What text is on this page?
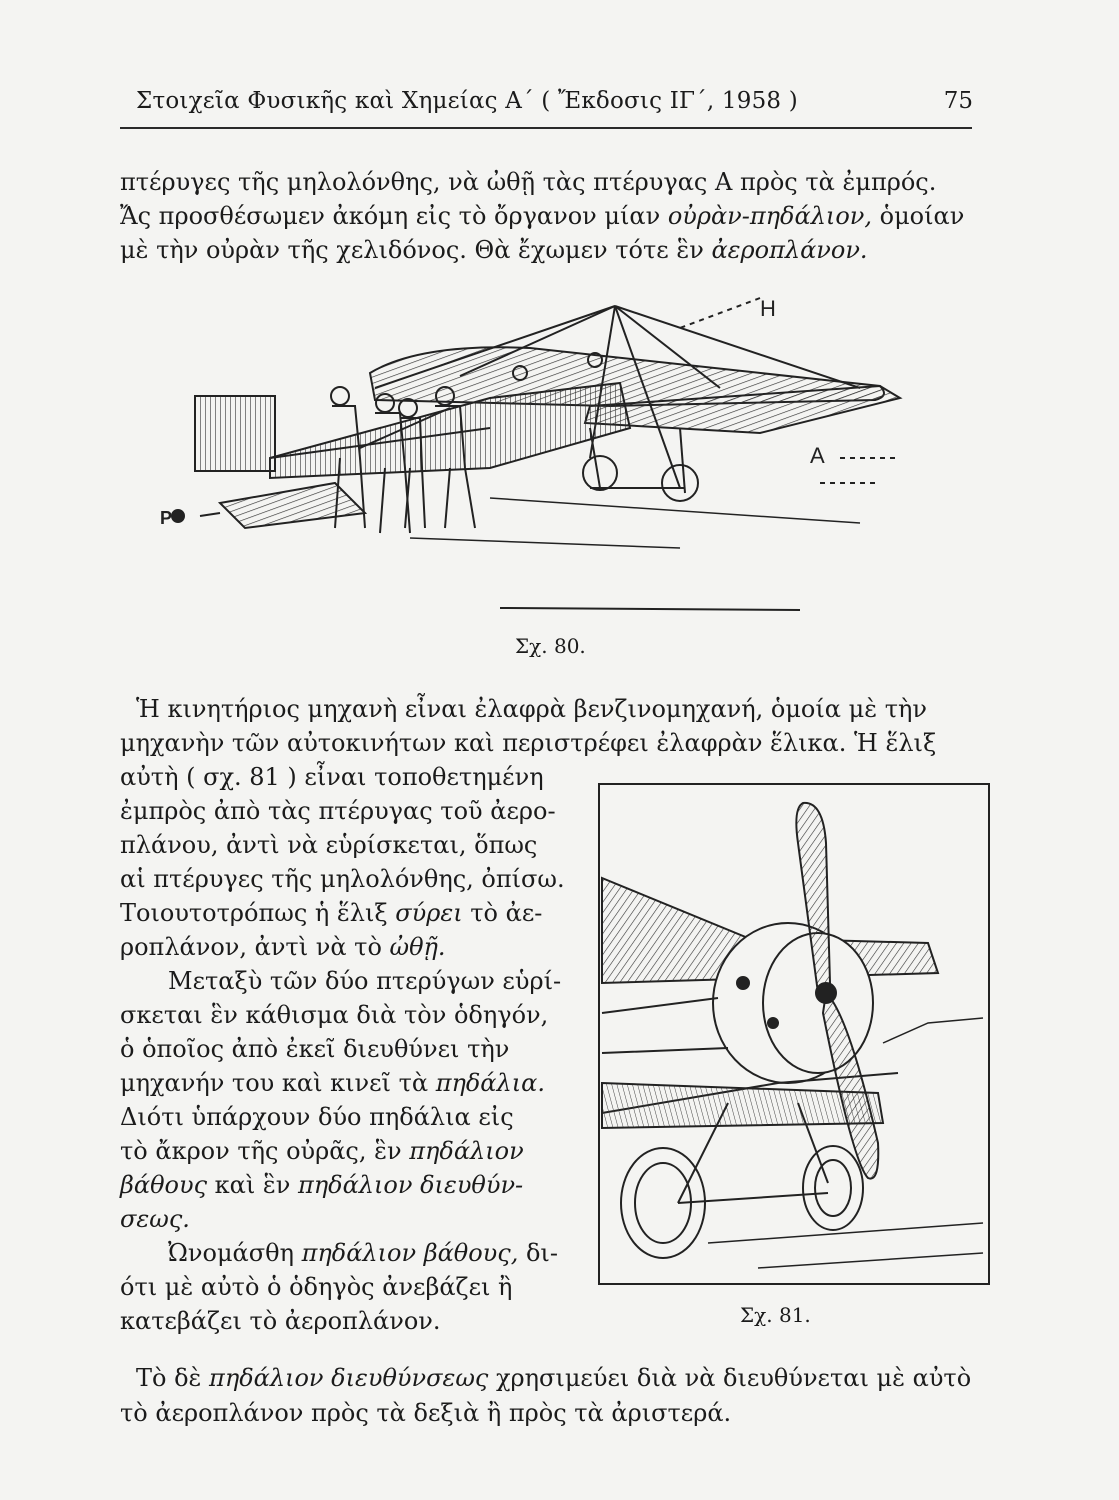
Στοιχεῖα Φυσικῆς καὶ Χημείας Α΄ ( Ἔκδοσις ΙΓ΄, 1958 )	75
πτέρυγες τῆς μηλολόνθης, νὰ ὠθῇ τὰς πτέρυγας Α πρὸς τὰ ἐμπρός.
Ἄς προσθέσωμεν ἀκόμη εἰς τὸ ὄργανον μίαν οὐρὰν-πηδάλιον, ὁμοίαν
μὲ τὴν οὐρὰν τῆς χελιδόνος. Θὰ ἔχωμεν τότε ἓν ἀεροπλάνον.
Η
Α
Ρ
Σχ. 80.
Ἡ κινητήριος μηχανὴ εἶναι ἐλαφρὰ βενζινομηχανή, ὁμοία μὲ τὴν
μηχανὴν τῶν αὐτοκινήτων καὶ περιστρέφει ἐλαφρὰν ἕλικα. Ἡ ἕλιξ
αὐτὴ ( σχ. 81 ) εἶναι τοποθετημένη
ἐμπρὸς ἀπὸ τὰς πτέρυγας τοῦ ἀερο-
πλάνου, ἀντὶ νὰ εὑρίσκεται, ὅπως
αἱ πτέρυγες τῆς μηλολόνθης, ὀπίσω.
Τοιουτοτρόπως ἡ ἕλιξ σύρει τὸ ἀε-
ροπλάνον, ἀντὶ νὰ τὸ ὠθῇ.
Μεταξὺ τῶν δύο πτερύγων εὑρί-
σκεται ἓν κάθισμα διὰ τὸν ὁδηγόν,
ὁ ὁποῖος ἀπὸ ἐκεῖ διευθύνει τὴν
μηχανήν του καὶ κινεῖ τὰ πηδάλια.
Διότι ὑπάρχουν δύο πηδάλια εἰς
τὸ ἄκρον τῆς οὐρᾶς, ἓν πηδάλιον
βάθους καὶ ἓν πηδάλιον διευθύν-
σεως.
Ὠνομάσθη πηδάλιον βάθους, δι-
ότι μὲ αὐτὸ ὁ ὁδηγὸς ἀνεβάζει ἢ
κατεβάζει τὸ ἀεροπλάνον.	Σχ. 81.
Τὸ δὲ πηδάλιον διευθύνσεως χρησιμεύει διὰ νὰ διευθύνεται μὲ αὐτὸ
τὸ ἀεροπλάνον πρὸς τὰ δεξιὰ ἢ πρὸς τὰ ἀριστερά.
